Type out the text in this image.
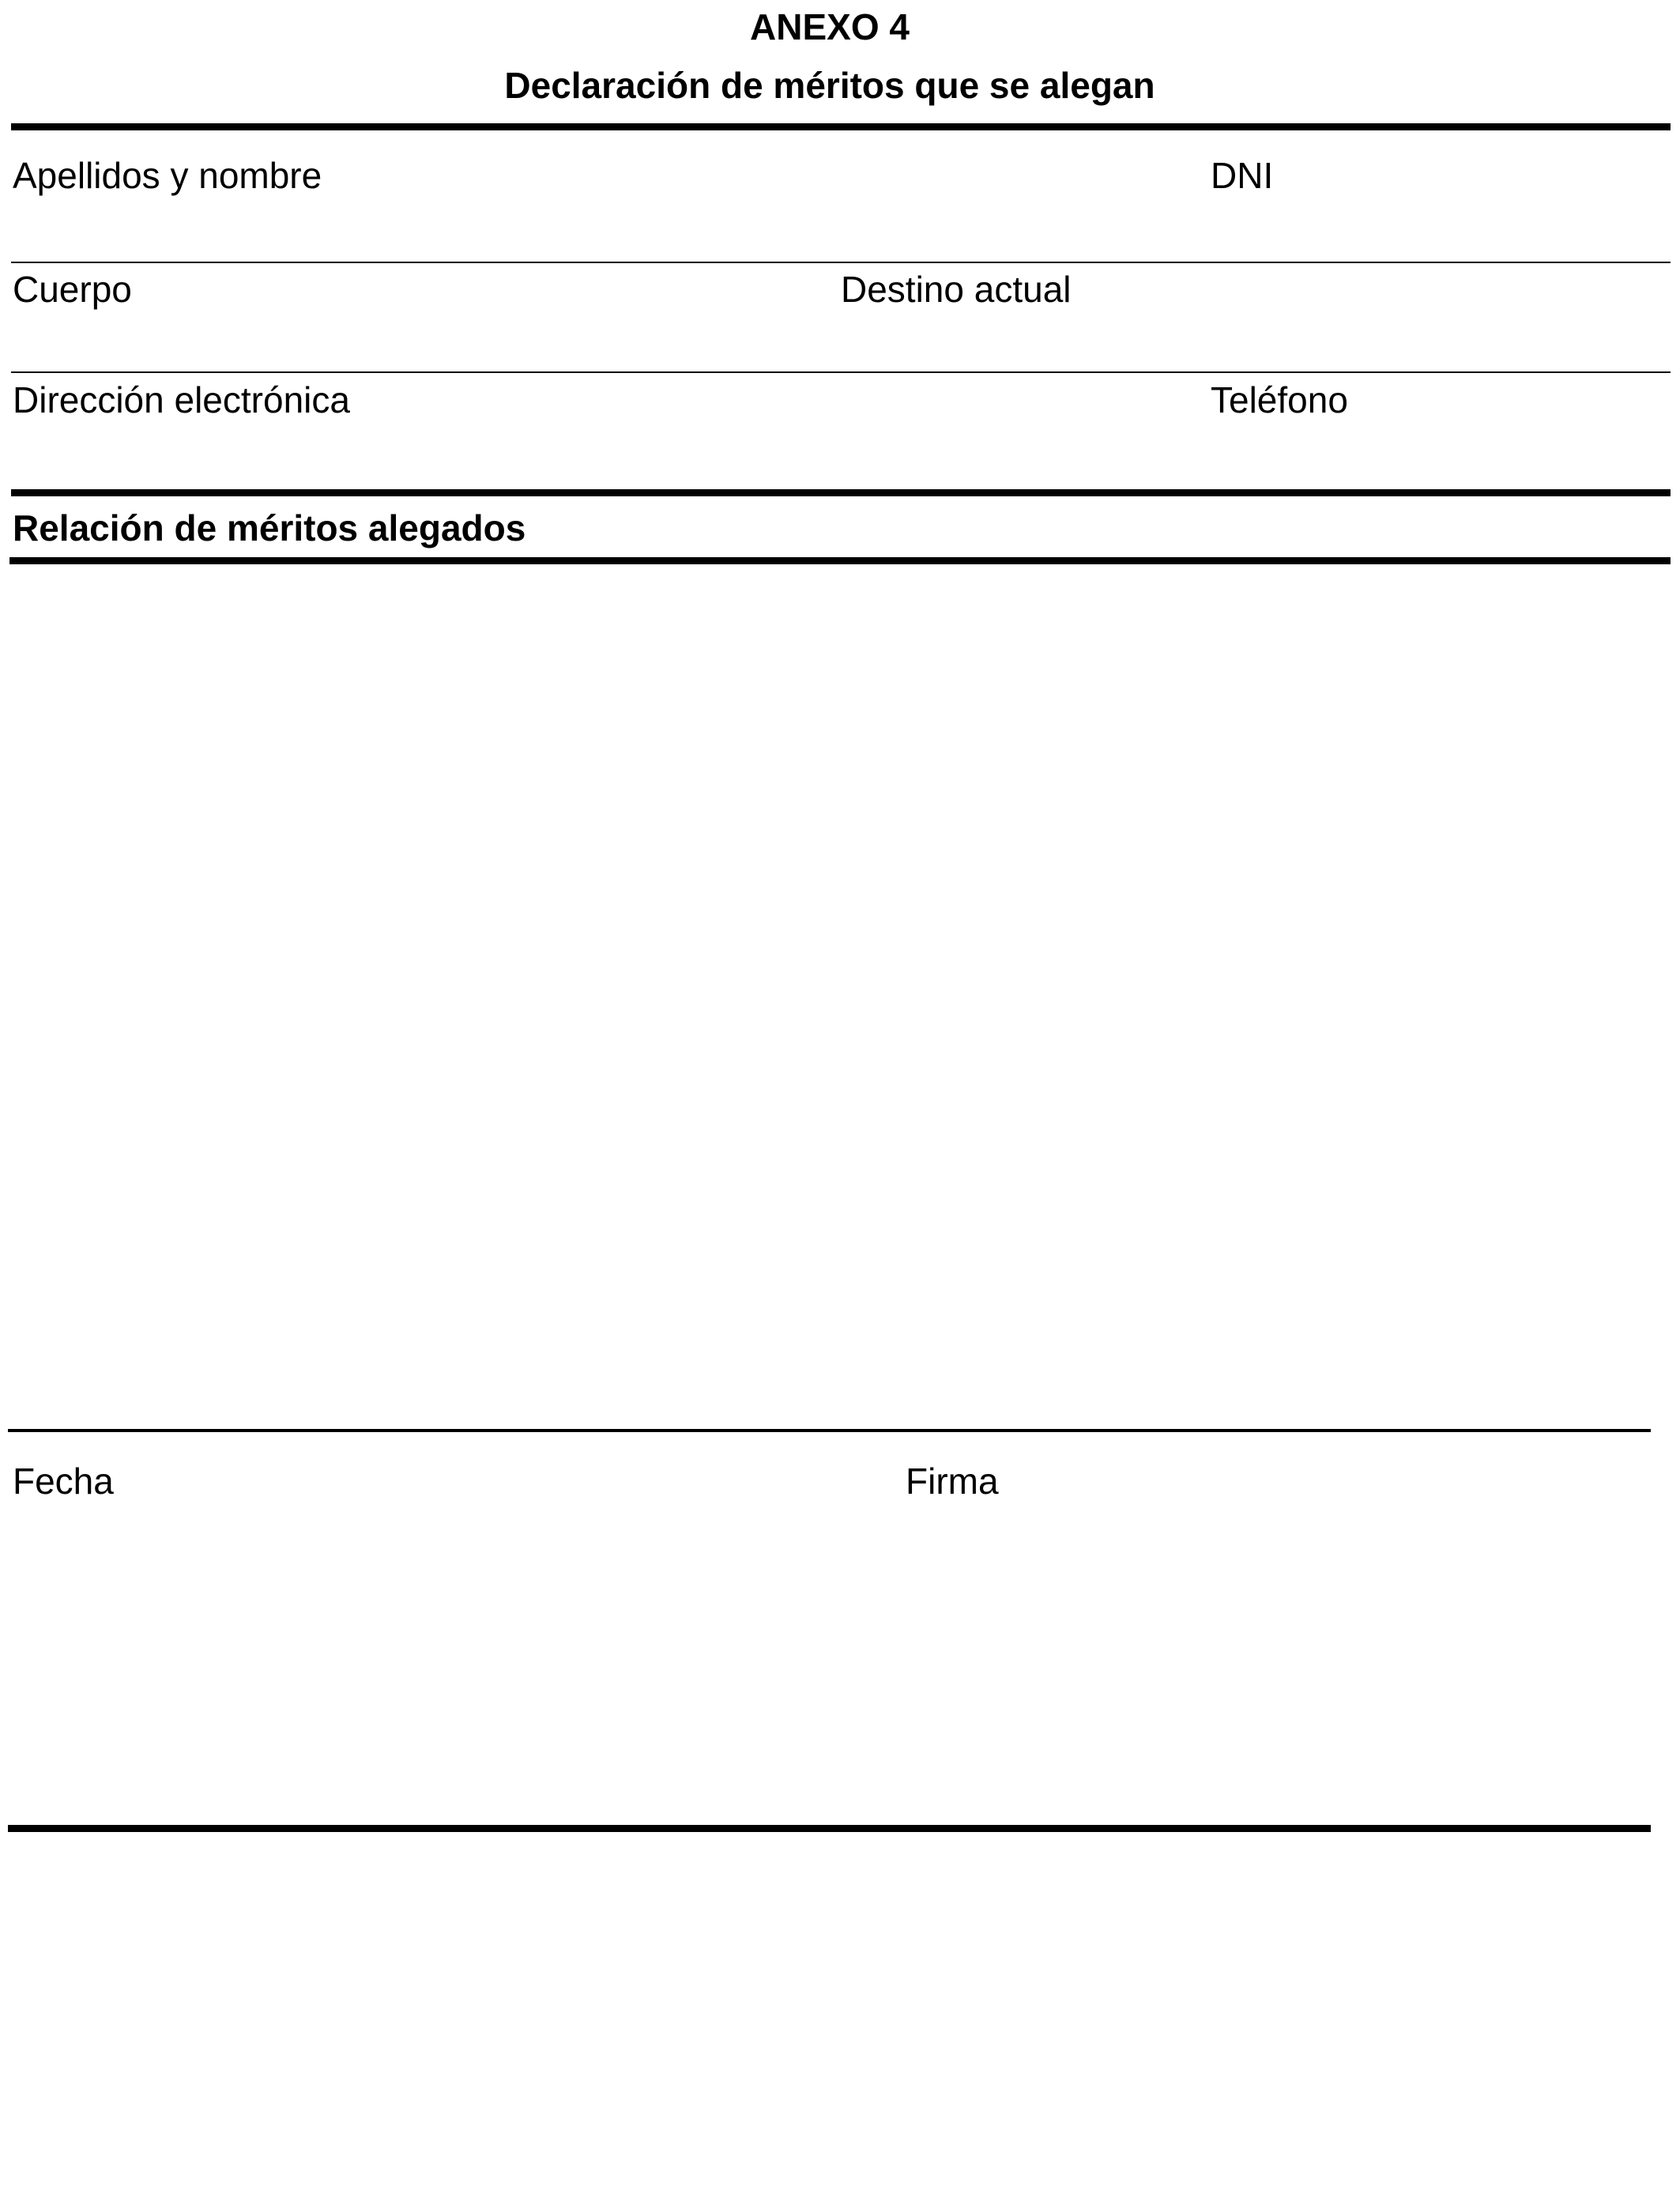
ANEXO 4
Declaración de méritos que se alegan
Apellidos y nombre	DNI
Cuerpo	Destino actual
Dirección electrónica	Teléfono
Relación de méritos alegados
Fecha	Firma
